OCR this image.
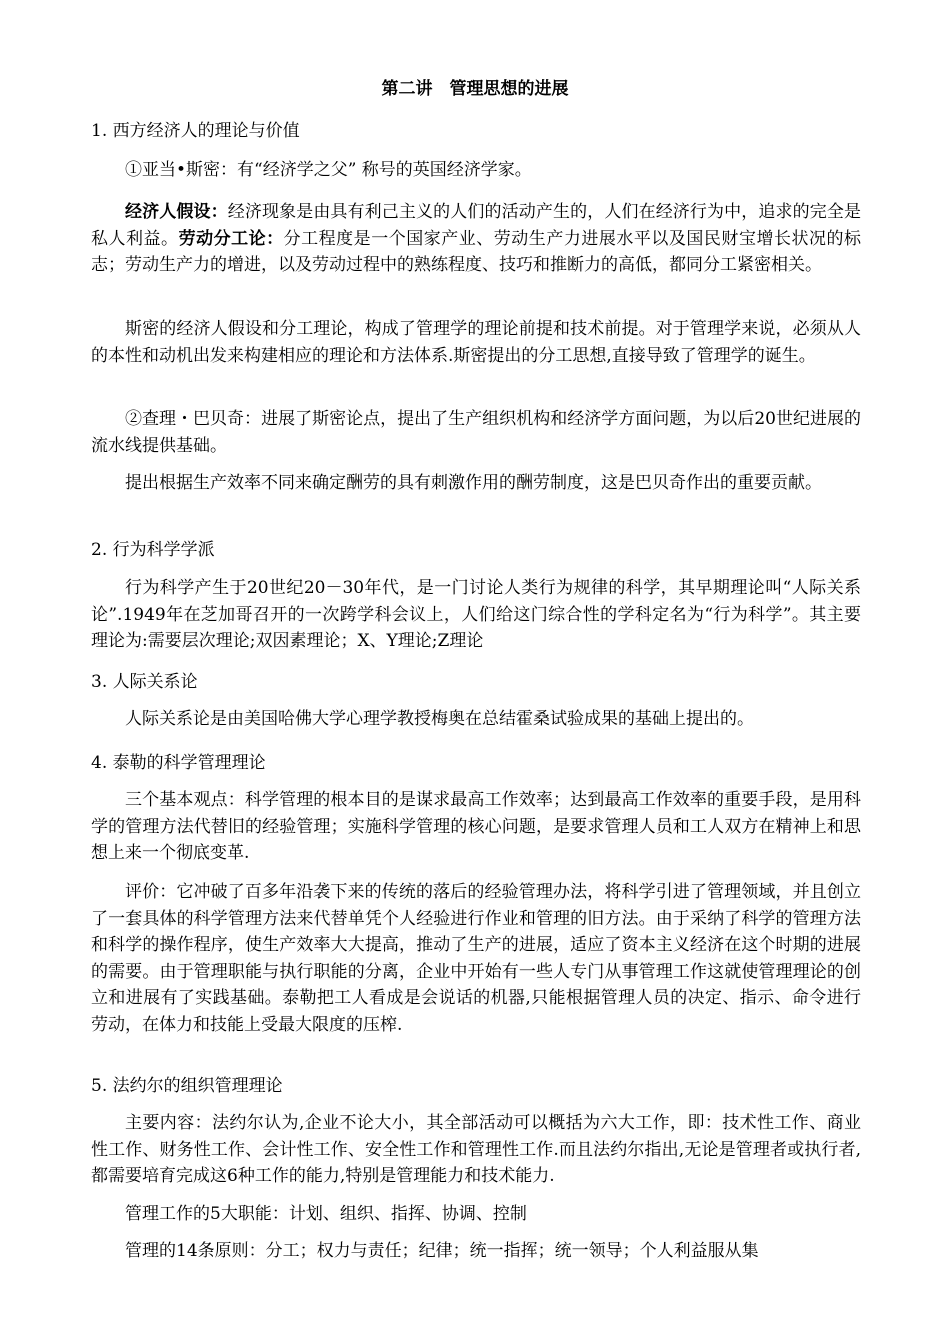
第二讲　管理思想的进展
1. 西方经济人的理论与价值

①亚当•斯密：有“经济学之父” 称号的英国经济学家。

经济人假设：经济现象是由具有利己主义的人们的活动产生的，人们在经济行为中，追求的完全是私人利益。劳动分工论：分工程度是一个国家产业、劳动生产力进展水平以及国民财宝增长状况的标志；劳动生产力的增进，以及劳动过程中的熟练程度、技巧和推断力的高低，都同分工紧密相关。

斯密的经济人假设和分工理论，构成了管理学的理论前提和技术前提。对于管理学来说，必须从人的本性和动机出发来构建相应的理论和方法体系.斯密提出的分工思想,直接导致了管理学的诞生。

②查理・巴贝奇：进展了斯密论点，提出了生产组织机构和经济学方面问题，为以后20世纪进展的流水线提供基础。

提出根据生产效率不同来确定酬劳的具有刺激作用的酬劳制度，这是巴贝奇作出的重要贡献。

2. 行为科学学派

行为科学产生于20世纪20－30年代，是一门讨论人类行为规律的科学，其早期理论叫“人际关系论”.1949年在芝加哥召开的一次跨学科会议上，人们给这门综合性的学科定名为“行为科学”。其主要理论为:需要层次理论;双因素理论；X、Y理论;Z理论

3. 人际关系论

人际关系论是由美国哈佛大学心理学教授梅奥在总结霍桑试验成果的基础上提出的。

4. 泰勒的科学管理理论

三个基本观点：科学管理的根本目的是谋求最高工作效率；达到最高工作效率的重要手段，是用科学的管理方法代替旧的经验管理；实施科学管理的核心问题，是要求管理人员和工人双方在精神上和思想上来一个彻底变革.

评价：它冲破了百多年沿袭下来的传统的落后的经验管理办法，将科学引进了管理领域，并且创立了一套具体的科学管理方法来代替单凭个人经验进行作业和管理的旧方法。由于采纳了科学的管理方法和科学的操作程序，使生产效率大大提高，推动了生产的进展，适应了资本主义经济在这个时期的进展的需要。由于管理职能与执行职能的分离，企业中开始有一些人专门从事管理工作这就使管理理论的创立和进展有了实践基础。泰勒把工人看成是会说话的机器,只能根据管理人员的决定、指示、命令进行劳动，在体力和技能上受最大限度的压榨.

5. 法约尔的组织管理理论

主要内容：法约尔认为,企业不论大小，其全部活动可以概括为六大工作，即：技术性工作、商业性工作、财务性工作、会计性工作、安全性工作和管理性工作.而且法约尔指出,无论是管理者或执行者,都需要培育完成这6种工作的能力,特别是管理能力和技术能力.

管理工作的5大职能：计划、组织、指挥、协调、控制

管理的14条原则：分工；权力与责任；纪律；统一指挥；统一领导；个人利益服从集
